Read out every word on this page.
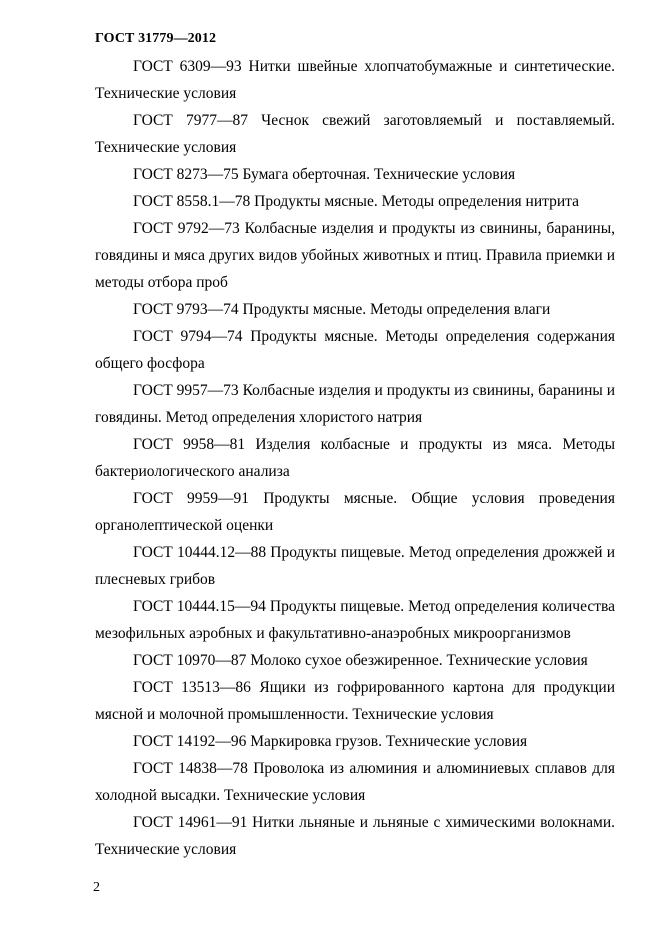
ГОСТ 31779—2012

ГОСТ 6309—93 Нитки швейные хлопчатобумажные и синтетические. Технические условия

ГОСТ 7977—87 Чеснок свежий заготовляемый и поставляемый. Технические условия

ГОСТ 8273—75 Бумага оберточная. Технические условия

ГОСТ 8558.1—78 Продукты мясные. Методы определения нитрита

ГОСТ 9792—73 Колбасные изделия и продукты из свинины, баранины, говядины и мяса других видов убойных животных и птиц. Правила приемки и методы отбора проб

ГОСТ 9793—74 Продукты мясные. Методы определения влаги

ГОСТ 9794—74 Продукты мясные. Методы определения содержания общего фосфора

ГОСТ 9957—73 Колбасные изделия и продукты из свинины, баранины и говядины. Метод определения хлористого натрия

ГОСТ 9958—81 Изделия колбасные и продукты из мяса. Методы бактериологического анализа

ГОСТ 9959—91 Продукты мясные. Общие условия проведения органолептической оценки

ГОСТ 10444.12—88 Продукты пищевые. Метод определения дрожжей и плесневых грибов

ГОСТ 10444.15—94 Продукты пищевые. Метод определения количества мезофильных аэробных и факультативно-анаэробных микроорганизмов

ГОСТ 10970—87 Молоко сухое обезжиренное. Технические условия

ГОСТ 13513—86 Ящики из гофрированного картона для продукции мясной и молочной промышленности. Технические условия

ГОСТ 14192—96 Маркировка грузов. Технические условия

ГОСТ 14838—78 Проволока из алюминия и алюминиевых сплавов для холодной высадки. Технические условия

ГОСТ 14961—91 Нитки льняные и льняные с химическими волокнами. Технические условия

2
